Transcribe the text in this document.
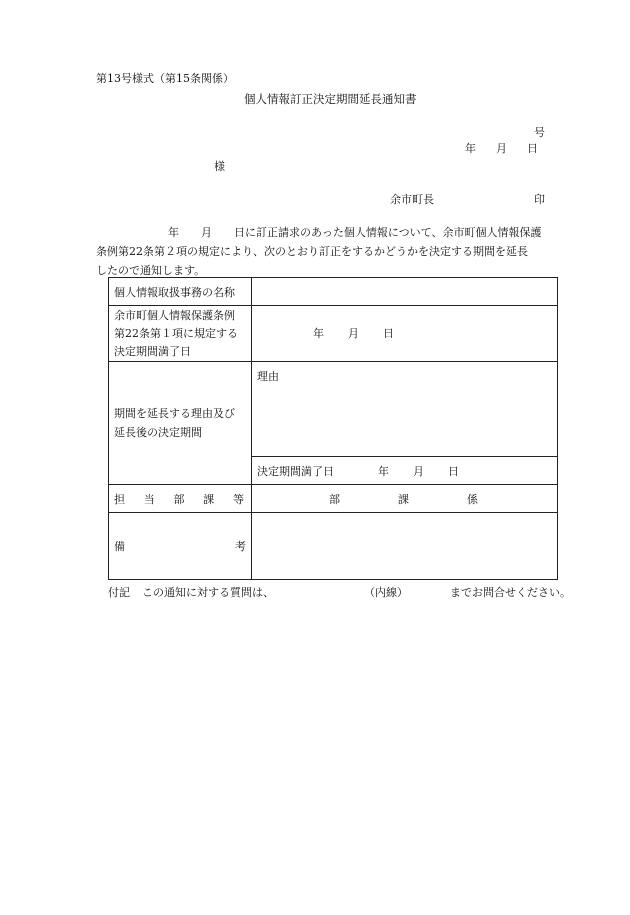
第13号様式（第15条関係）
個人情報訂正決定期間延長通知書
号
年 月 日
様
余市町長	印
年 月 日に訂正請求のあった個人情報について、余市町個人情報保護
条例第22条第２項の規定により、次のとおり訂正をするかどうかを決定する期間を延長
したので通知します。
個人情報取扱事務の名称	

余市町個人情報保護条例
第22条第１項に規定する
決定期間満了日	年 月 日

期間を延長する理由及び
延長後の決定期間	理由
	決定期間満了日 年 月 日

担 当 部 課 等	部 課 係

備 考	

付記 この通知に対する質問は、	（内線）	までお問合せください。
